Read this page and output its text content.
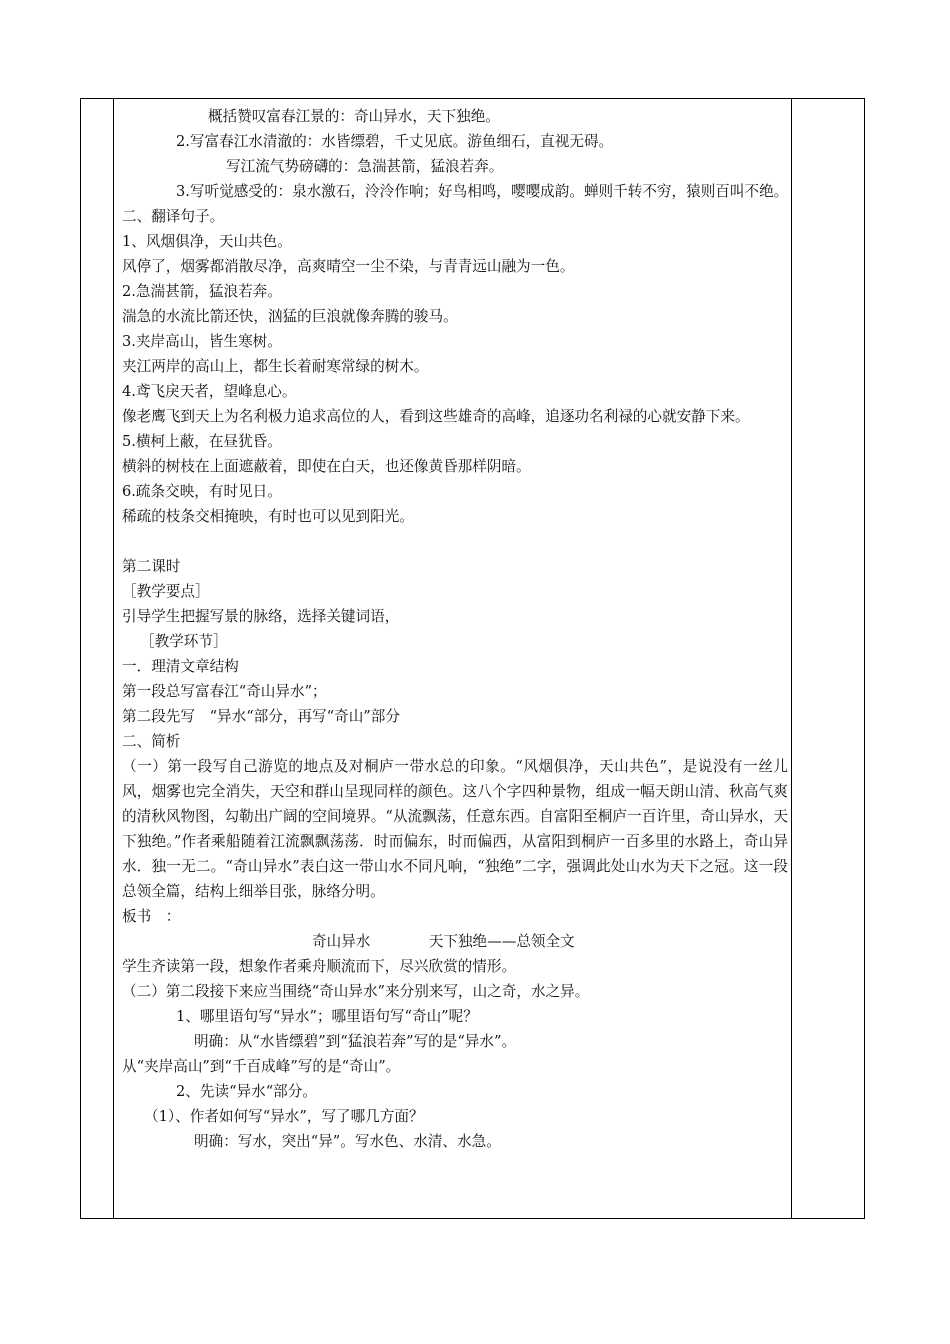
概括赞叹富春江景的：奇山异水，天下独绝。
2.写富春江水清澈的：水皆缥碧，千丈见底。游鱼细石，直视无碍。
写江流气势磅礴的：急湍甚箭，猛浪若奔。
3.写听觉感受的：泉水激石，泠泠作响；好鸟相鸣，嘤嘤成韵。蝉则千转不穷，猿则百叫不绝。
二、翻译句子。
1、风烟俱净，天山共色。
风停了，烟雾都消散尽净，高爽晴空一尘不染，与青青远山融为一色。
2.急湍甚箭，猛浪若奔。
湍急的水流比箭还快，汹猛的巨浪就像奔腾的骏马。
3.夹岸高山，皆生寒树。
夹江两岸的高山上，都生长着耐寒常绿的树木。
4.鸢飞戾天者，望峰息心。
像老鹰飞到天上为名利极力追求高位的人，看到这些雄奇的高峰，追逐功名利禄的心就安静下来。
5.横柯上蔽，在昼犹昏。
横斜的树枝在上面遮蔽着，即使在白天，也还像黄昏那样阴暗。
6.疏条交映，有时见日。
稀疏的枝条交相掩映，有时也可以见到阳光。
第二课时
［教学要点］
引导学生把握写景的脉络，选择关键词语，
［教学环节］
一．理清文章结构
第一段总写富春江“奇山异水”；
第二段先写　“异水“部分，再写“奇山”部分
二、简析
（一）第一段写自己游览的地点及对桐庐一带水总的印象。“风烟俱净，天山共色”，是说没有一丝儿风，烟雾也完全消失，天空和群山呈现同样的颜色。这八个字四种景物，组成一幅天朗山清、秋高气爽的清秋风物图，勾勒出广阔的空间境界。“从流飘荡，任意东西。自富阳至桐庐一百许里，奇山异水，天下独绝。”作者乘船随着江流飘飘荡荡．时而偏东，时而偏西，从富阳到桐庐一百多里的水路上，奇山异水．独一无二。“奇山异水”表白这一带山水不同凡响，“独绝”二字，强调此处山水为天下之冠。这一段总领全篇，结构上细举目张，脉络分明。
板书　：
奇山异水　　　　天下独绝——总领全文
学生齐读第一段，想象作者乘舟顺流而下，尽兴欣赏的情形。
（二）第二段接下来应当围绕“奇山异水”来分别来写，山之奇，水之异。
1、哪里语句写“异水”；哪里语句写“奇山”呢？
明确：从“水皆缥碧”到“猛浪若奔”写的是“异水”。
从“夹岸高山”到“千百成峰”写的是“奇山”。
2、先读“异水“部分。
（1）、作者如何写“异水”，写了哪几方面？
明确：写水，突出“异”。写水色、水清、水急。
